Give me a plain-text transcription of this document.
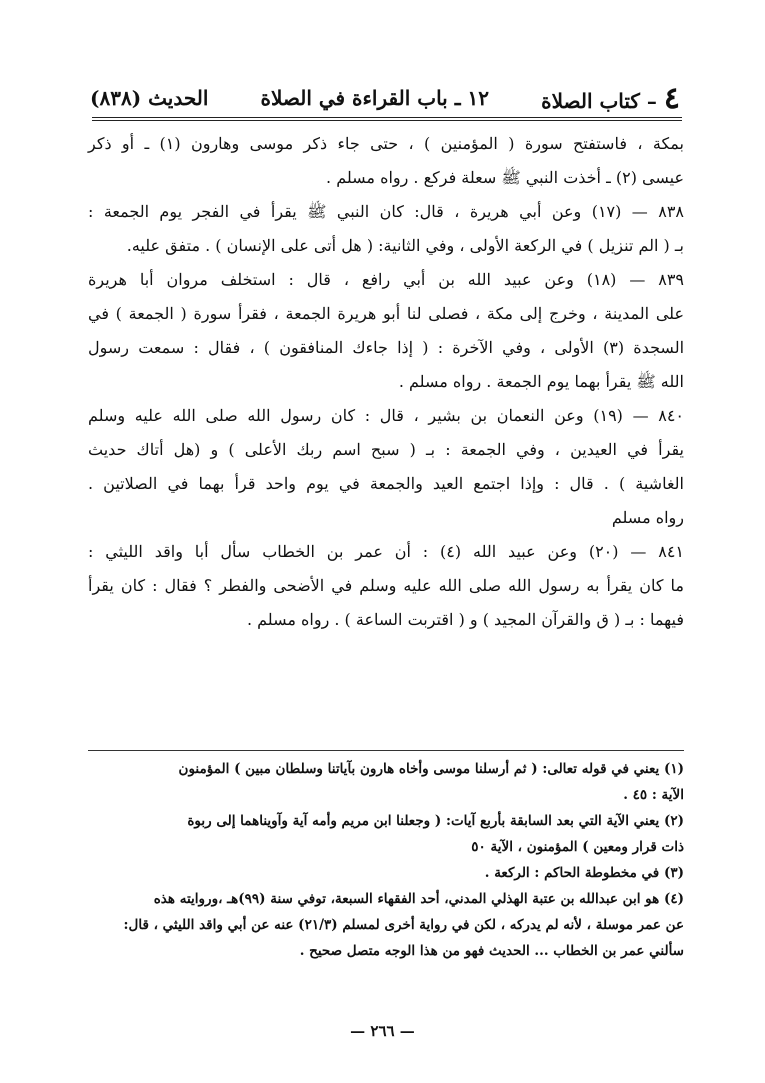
٤ – كتاب الصلاة
١٢ ـ باب القراءة في الصلاة
الحديث (٨٣٨)

بمكة ، فاستفتح سورة ( المؤمنين ) ، حتى جاء ذكر موسى وهارون (١) ـ أو ذكر

عيسى (٢) ـ أخذت النبي ﷺ سعلة فركع . رواه مسلم .

٨٣٨ — (١٧) وعن أبي هريرة ، قال: كان النبي ﷺ يقرأ في الفجر يوم الجمعة :

بـ ( الم تنزيل ) في الركعة الأولى ، وفي الثانية: ( هل أتى على الإنسان ) . متفق عليه.

٨٣٩ — (١٨) وعن عبيد الله بن أبي رافع ، قال : استخلف مروان أبا هريرة

على المدينة ، وخرج إلى مكة ، فصلى لنا أبو هريرة الجمعة ، فقرأ سورة ( الجمعة ) في

السجدة (٣) الأولى ، وفي الآخرة : ( إذا جاءك المنافقون ) ، فقال : سمعت رسول

الله ﷺ يقرأ بهما يوم الجمعة . رواه مسلم .

٨٤٠ — (١٩) وعن النعمان بن بشير ، قال : كان رسول الله صلى الله عليه وسلم

يقرأ في العيدين ، وفي الجمعة : بـ ( سبح اسم ربك الأعلى ) و (هل أتاك حديث

الغاشية ) . قال : وإذا اجتمع العيد والجمعة في يوم واحد قرأ بهما في الصلاتين .

رواه مسلم

٨٤١ — (٢٠) وعن عبيد الله (٤) : أن عمر بن الخطاب سأل أبا واقد الليثي :

ما كان يقرأ به رسول الله صلى الله عليه وسلم في الأضحى والفطر ؟ فقال : كان يقرأ

فيهما : بـ ( ق والقرآن المجيد ) و ( اقتربت الساعة ) . رواه مسلم .

(١) يعني في قوله تعالى: ( ثم أرسلنا موسى وأخاه هارون بآياتنا وسلطان مبين ) المؤمنون

الآية : ٤٥ .

(٢) يعني الآية التي بعد السابقة بأربع آيات: ( وجعلنا ابن مريم وأمه آية وآويناهما إلى ربوة

ذات قرار ومعين ) المؤمنون ، الآية ٥٠

(٣) في مخطوطة الحاكم : الركعة .

(٤) هو ابن عبدالله بن عتبة الهذلي المدني، أحد الفقهاء السبعة، توفي سنة (٩٩)هـ ،وروايته هذه

عن عمر موسلة ، لأنه لم يدركه ، لكن في رواية أخرى لمسلم (٢١/٣) عنه عن أبي واقد الليثي ، قال:

سألني عمر بن الخطاب ... الحديث فهو من هذا الوجه متصل صحيح .

— ٢٦٦ —
